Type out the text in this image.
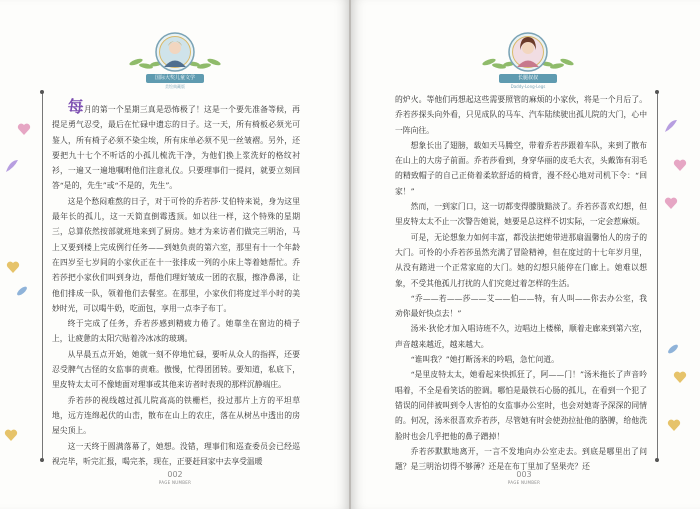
国际大奖儿童文学
美绘典藏版

每月的第一个星期三真是恐怖极了！这是一个要先准备等候，再提足勇气忍受，最后在忙碌中遗忘的日子。这一天，所有椅板必须光可鉴人，所有椅子必须不染尘埃，所有床单必须不见一丝皱褶。另外，还要把九十七个不听话的小孤儿梳洗干净，为他们换上浆洗好的格纹衬衫，一遍又一遍地嘱咐他们注意礼仪。只要理事们一提问，就要立刻回答“是的，先生”或“不是的，先生”。

这是个愁闷难熬的日子，对于可怜的乔若莎·艾伯特来说，身为这里最年长的孤儿，这一天简直倒霉透顶。如以往一样，这个特殊的星期三，总算依然按部就班地来到了厨房。她才为来访者们做完三明治，马上又要到楼上完成例行任务——到她负责的第六室，那里有十一个年龄在四岁至七岁间的小家伙正在十一张排成一列的小床上等着她帮忙。乔若莎把小家伙们叫到身边，帮他们理好皱成一团的衣服，擦净鼻涕，让他们排成一队，领着他们去餐室。在那里，小家伙们将度过半小时的美妙时光，可以喝牛奶，吃面包，享用一点李子布丁。

终于完成了任务，乔若莎感到精疲力倦了。她靠坐在窗边的椅子上，让疲惫的太阳穴贴着冷冰冰的玻璃。

从早晨五点开始，她就一刻不停地忙碌，要听从众人的指挥，还要忍受脾气古怪的女监事的责难。傲慢，忙得团团转。要知道，私底下，里皮特太太可不像她面对理事或其他来访者时表现的那样沉静端庄。

乔若莎的视线越过孤儿院高高的铁栅栏，投过那片上方的平坦草地，远方连绵起伏的山峦，散布在山上的农庄，落在从树丛中透出的房屋尖顶上。

这一天终于圆满落幕了，她想。没错，理事们和巡查委员会已经巡视完毕，听完汇报，喝完茶，现在，正要赶回家中去享受温暖

002
PAGE NUMBER
长腿叔叔
Daddy-Long-Legs

的炉火。等他们再想起这些需要照管的麻烦的小家伙，将是一个月后了。乔若莎探头向外看，只见成队的马车、汽车陆续驶出孤儿院的大门，心中一阵向往。

想象长出了翅膀，载如天马腾空，带着乔若莎跟着车队，来到了散布在山上的大房子前面。乔若莎看到，身穿华丽的皮毛大衣，头戴饰有羽毛的精致帽子的自己正倚着柔软舒适的椅背，漫不经心地对司机下令：“回家！”

然而，一到家门口，这一切都变得朦胧黯淡了。乔若莎喜欢幻想，但里皮特太太不止一次警告她说，她要是总这样不切实际，一定会惹麻烦。

可是，无论想象力如何丰富，都没法把她带进那扇温馨怡人的房子的大门。可怜的小乔若莎虽然充满了冒险精神，但在度过的十七年岁月里，从没有踏进一个正常家庭的大门。她的幻想只能停在门廊上。她难以想象，不受其他孤儿打扰的人们究竟过着怎样的生活。

“乔——若——莎——艾——伯——特，有人叫——你去办公室，我劝你最好快点去！”

汤米·狄伦才加入唱诗班不久，边唱边上楼梯，顺着走廊来到第六室，声音越来越近，越来越大。

“谁叫我？”她打断汤米的吟唱，急忙问道。

“是里皮特太太，她看起来快抓狂了，阿——门！”汤米拖长了声音吟唱着，不全是看笑话的腔调。哪怕是最铁石心肠的孤儿，在看到一个犯了错误的同伴被叫到令人害怕的女监事办公室时，也会对她寄予深深的同情的。何况，汤米很喜欢乔若莎，尽管她有时会使劲拉扯他的胳膊，给他洗脸时也会几乎把他的鼻子蹭掉！

乔若莎默默地离开，一言不发地向办公室走去。到底是哪里出了问题？是三明治切得不够薄？还是在布丁里加了坚果壳？还

003
PAGE NUMBER
